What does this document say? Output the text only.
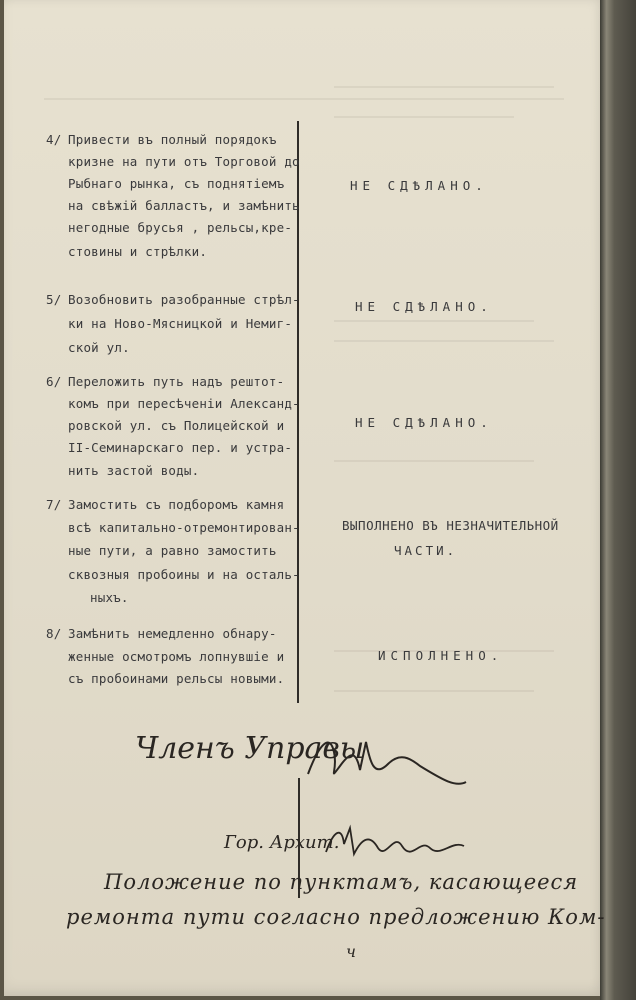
4/ Привести въ полный порядокъ
кризне на пути отъ Торговой до
Рыбнаго рынка, съ поднятіемъ
на свѣжій балластъ, и замѣнить
негодные брусья , рельсы,кре-
стовины и стрѣлки.
НЕ СДѢЛАНО.
5/ Возобновить разобранные стрѣл-
ки на Ново-Мясницкой и Немиг-
ской ул.
НЕ СДѢЛАНО.
6/ Переложить путь надъ рештот-
комъ при пересѣченіи Александ-
ровской ул. съ Полицейской и
II-Семинарскаго пер. и устра-
нить застой воды.
НЕ СДѢЛАНО.
7/ Замостить съ подборомъ камня
всѣ капитально-отремонтирован-
ные пути, а равно замостить
сквозныя пробоины и на осталь-
ныхъ.
ВЫПОЛНЕНО ВЪ НЕЗНАЧИТЕЛЬНОЙ
ЧАСТИ.
8/ Замѣнить немедленно обнару-
женные осмотромъ лопнувшіе и
съ пробоинами рельсы новыми.
ИСПОЛНЕНО.
Членъ Управы
Гор. Архит.
Положение по пунктамъ, касающееся
ремонта пути согласно предложению Ком-
ч
